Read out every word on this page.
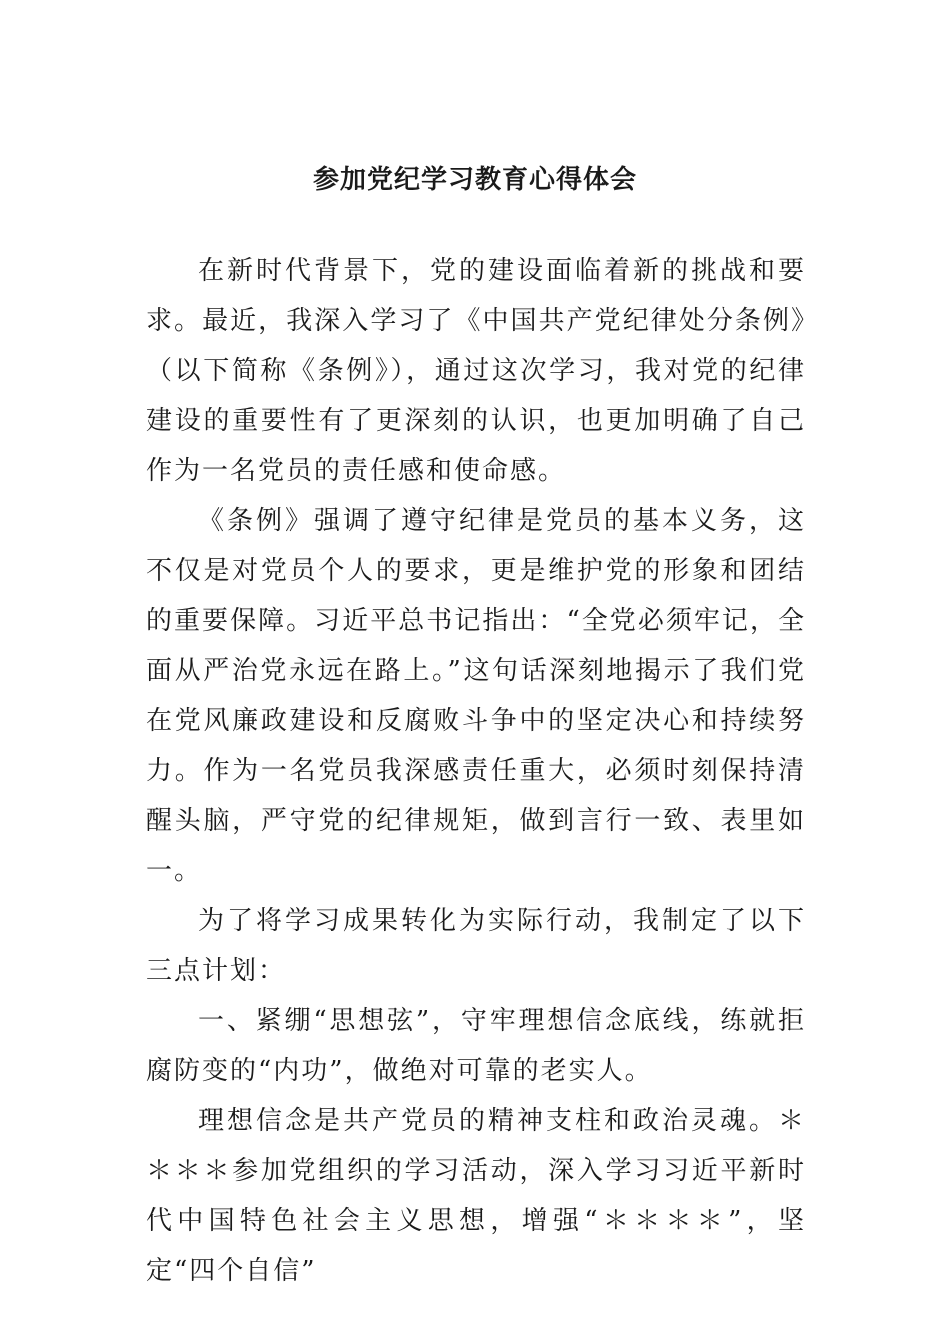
参加党纪学习教育心得体会

在新时代背景下，党的建设面临着新的挑战和要求。最近，我深入学习了《中国共产党纪律处分条例》（以下简称《条例》），通过这次学习，我对党的纪律建设的重要性有了更深刻的认识，也更加明确了自己作为一名党员的责任感和使命感。

《条例》强调了遵守纪律是党员的基本义务，这不仅是对党员个人的要求，更是维护党的形象和团结的重要保障。习近平总书记指出：“全党必须牢记，全面从严治党永远在路上。”这句话深刻地揭示了我们党在党风廉政建设和反腐败斗争中的坚定决心和持续努力。作为一名党员我深感责任重大，必须时刻保持清醒头脑，严守党的纪律规矩，做到言行一致、表里如一。

为了将学习成果转化为实际行动，我制定了以下三点计划：

一、紧绷“思想弦”，守牢理想信念底线，练就拒腐防变的“内功”，做绝对可靠的老实人。

理想信念是共产党员的精神支柱和政治灵魂。＊＊＊＊参加党组织的学习活动，深入学习习近平新时代中国特色社会主义思想，增强“＊＊＊＊”，坚定“四个自信”
